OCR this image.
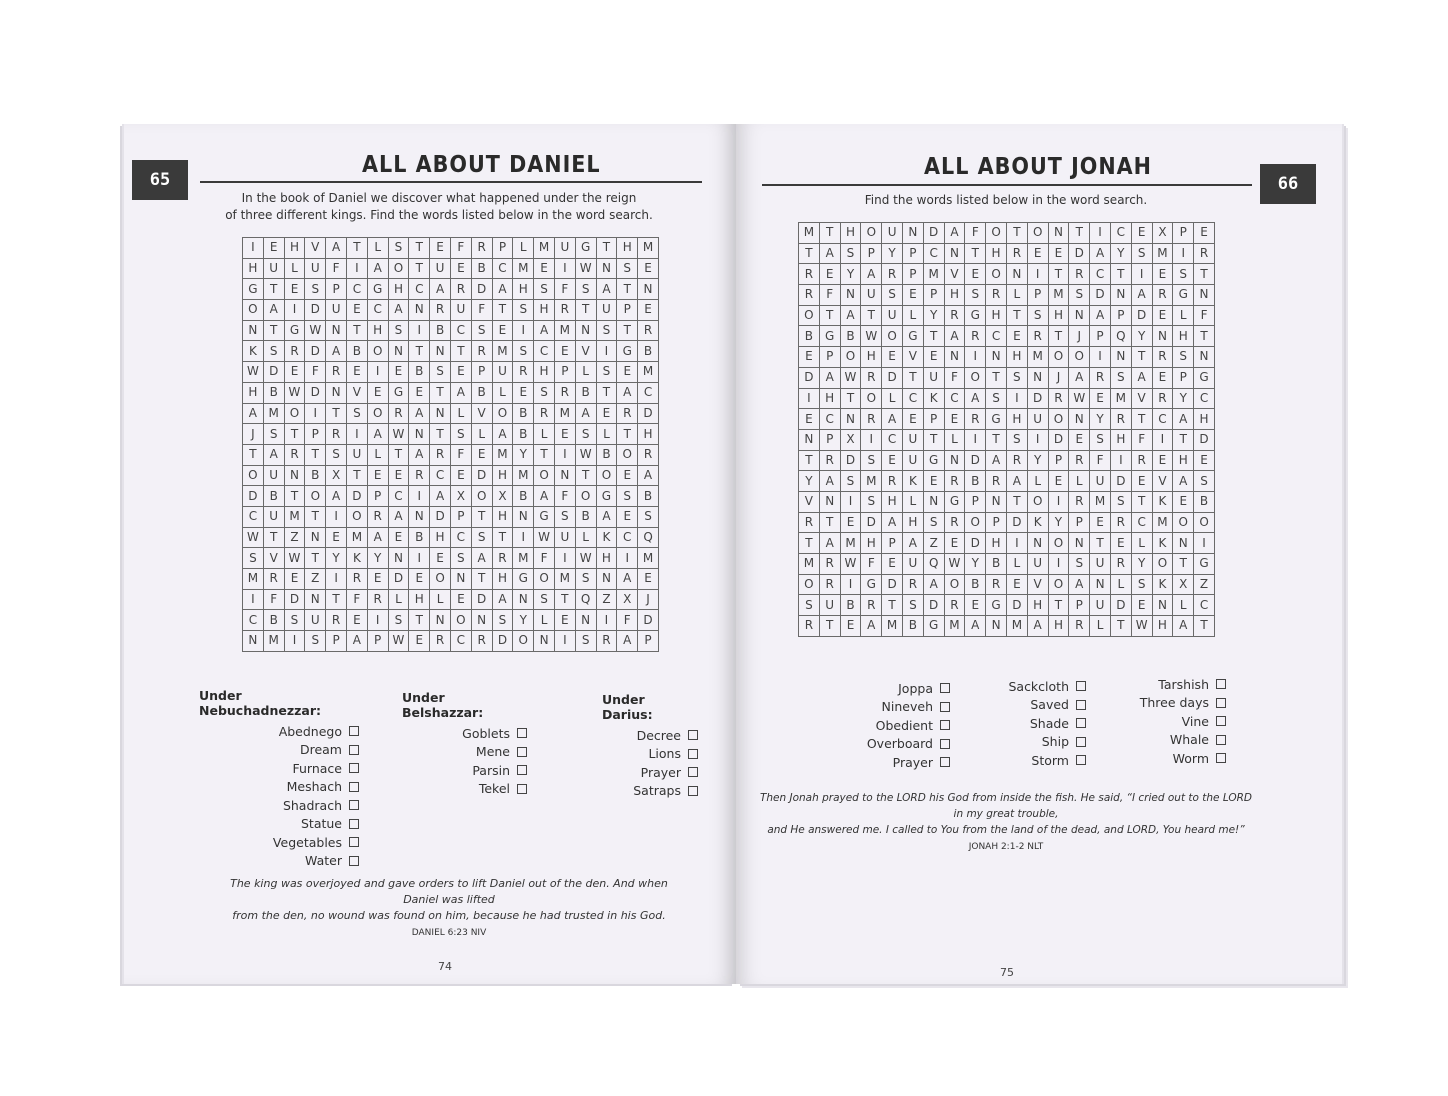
65
ALL ABOUT DANIEL
In the book of Daniel we discover what happened under the reign
of three different kings. Find the words listed below in the word search.
I	E	H	V	A	T	L	S	T	E	F	R	P	L	M	U	G	T	H	M
H	U	L	U	F	I	A	O	T	U	E	B	C	M	E	I	W	N	S	E
G	T	E	S	P	C	G	H	C	A	R	D	A	H	S	F	S	A	T	N
O	A	I	D	U	E	C	A	N	R	U	F	T	S	H	R	T	U	P	E
N	T	G	W	N	T	H	S	I	B	C	S	E	I	A	M	N	S	T	R
K	S	R	D	A	B	O	N	T	N	T	R	M	S	C	E	V	I	G	B
W	D	E	F	R	E	I	E	B	S	E	P	U	R	H	P	L	S	E	M
H	B	W	D	N	V	E	G	E	T	A	B	L	E	S	R	B	T	A	C
A	M	O	I	T	S	O	R	A	N	L	V	O	B	R	M	A	E	R	D
J	S	T	P	R	I	A	W	N	T	S	L	A	B	L	E	S	L	T	H
T	A	R	T	S	U	L	T	A	R	F	E	M	Y	T	I	W	B	O	R
O	U	N	B	X	T	E	E	R	C	E	D	H	M	O	N	T	O	E	A
D	B	T	O	A	D	P	C	I	A	X	O	X	B	A	F	O	G	S	B
C	U	M	T	I	O	R	A	N	D	P	T	H	N	G	S	B	A	E	S
W	T	Z	N	E	M	A	E	B	H	C	S	T	I	W	U	L	K	C	Q
S	V	W	T	Y	K	Y	N	I	E	S	A	R	M	F	I	W	H	I	M
M	R	E	Z	I	R	E	D	E	O	N	T	H	G	O	M	S	N	A	E
I	F	D	N	T	F	R	L	H	L	E	D	A	N	S	T	Q	Z	X	J
C	B	S	U	R	E	I	S	T	N	O	N	S	Y	L	E	N	I	F	D
N	M	I	S	P	A	P	W	E	R	C	R	D	O	N	I	S	R	A	P
Under Nebuchadnezzar:
Abednego
Dream
Furnace
Meshach
Shadrach
Statue
Vegetables
Water
Under Belshazzar:
Goblets
Mene
Parsin
Tekel
Under Darius:
Decree
Lions
Prayer
Satraps
The king was overjoyed and gave orders to lift Daniel out of the den. And when Daniel was lifted
from the den, no wound was found on him, because he had trusted in his God. DANIEL 6:23 NIV
74
ALL ABOUT JONAH
66
Find the words listed below in the word search.
M	T	H	O	U	N	D	A	F	O	T	O	N	T	I	C	E	X	P	E
T	A	S	P	Y	P	C	N	T	H	R	E	E	D	A	Y	S	M	I	R
R	E	Y	A	R	P	M	V	E	O	N	I	T	R	C	T	I	E	S	T
R	F	N	U	S	E	P	H	S	R	L	P	M	S	D	N	A	R	G	N
O	T	A	T	U	L	Y	R	G	H	T	S	H	N	A	P	D	E	L	F
B	G	B	W	O	G	T	A	R	C	E	R	T	J	P	Q	Y	N	H	T
E	P	O	H	E	V	E	N	I	N	H	M	O	O	I	N	T	R	S	N
D	A	W	R	D	T	U	F	O	T	S	N	J	A	R	S	A	E	P	G
I	H	T	O	L	C	K	C	A	S	I	D	R	W	E	M	V	R	Y	C
E	C	N	R	A	E	P	E	R	G	H	U	O	N	Y	R	T	C	A	H
N	P	X	I	C	U	T	L	I	T	S	I	D	E	S	H	F	I	T	D
T	R	D	S	E	U	G	N	D	A	R	Y	P	R	F	I	R	E	H	E
Y	A	S	M	R	K	E	R	B	R	A	L	E	L	U	D	E	V	A	S
V	N	I	S	H	L	N	G	P	N	T	O	I	R	M	S	T	K	E	B
R	T	E	D	A	H	S	R	O	P	D	K	Y	P	E	R	C	M	O	O
T	A	M	H	P	A	Z	E	D	H	I	N	O	N	T	E	L	K	N	I
M	R	W	F	E	U	Q	W	Y	B	L	U	I	S	U	R	Y	O	T	G
O	R	I	G	D	R	A	O	B	R	E	V	O	A	N	L	S	K	X	Z
S	U	B	R	T	S	D	R	E	G	D	H	T	P	U	D	E	N	L	C
R	T	E	A	M	B	G	M	A	N	M	A	H	R	L	T	W	H	A	T
Joppa
Nineveh
Obedient
Overboard
Prayer
Sackcloth
Saved
Shade
Ship
Storm
Tarshish
Three days
Vine
Whale
Worm
Then Jonah prayed to the LORD his God from inside the fish. He said, “I cried out to the LORD in my great trouble,
and He answered me. I called to You from the land of the dead, and LORD, You heard me!” JONAH 2:1-2 NLT
75
